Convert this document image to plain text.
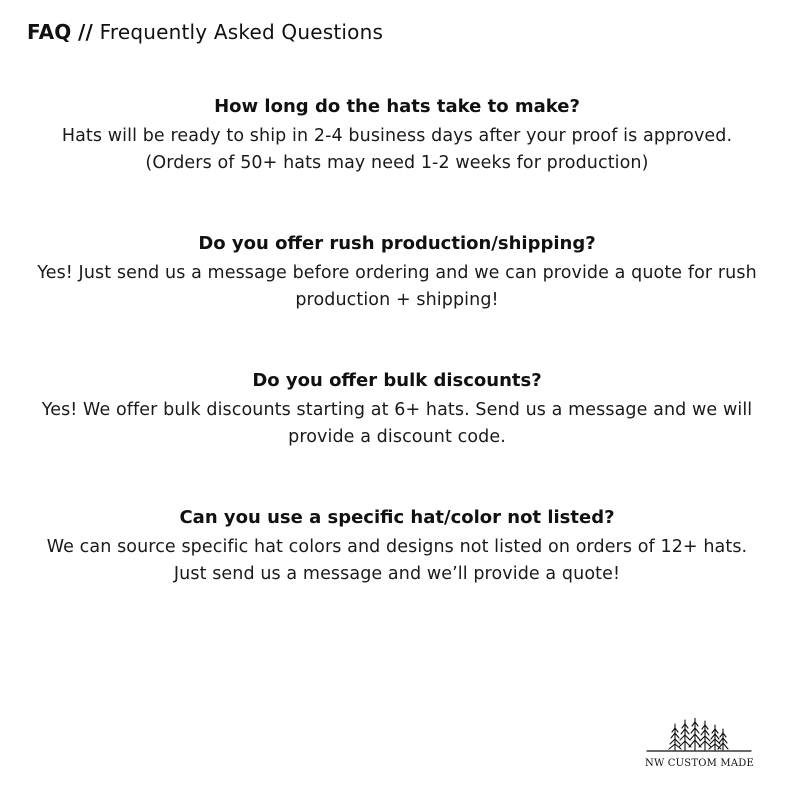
FAQ // Frequently Asked Questions

How long do the hats take to make?

Hats will be ready to ship in 2-4 business days after your proof is approved. (Orders of 50+ hats may need 1-2 weeks for production)

Do you offer rush production/shipping?

Yes! Just send us a message before ordering and we can provide a quote for rush production + shipping!

Do you offer bulk discounts?

Yes! We offer bulk discounts starting at 6+ hats. Send us a message and we will provide a discount code.

Can you use a specific hat/color not listed?

We can source specific hat colors and designs not listed on orders of 12+ hats. Just send us a message and we’ll provide a quote!

NW CUSTOM MADE
